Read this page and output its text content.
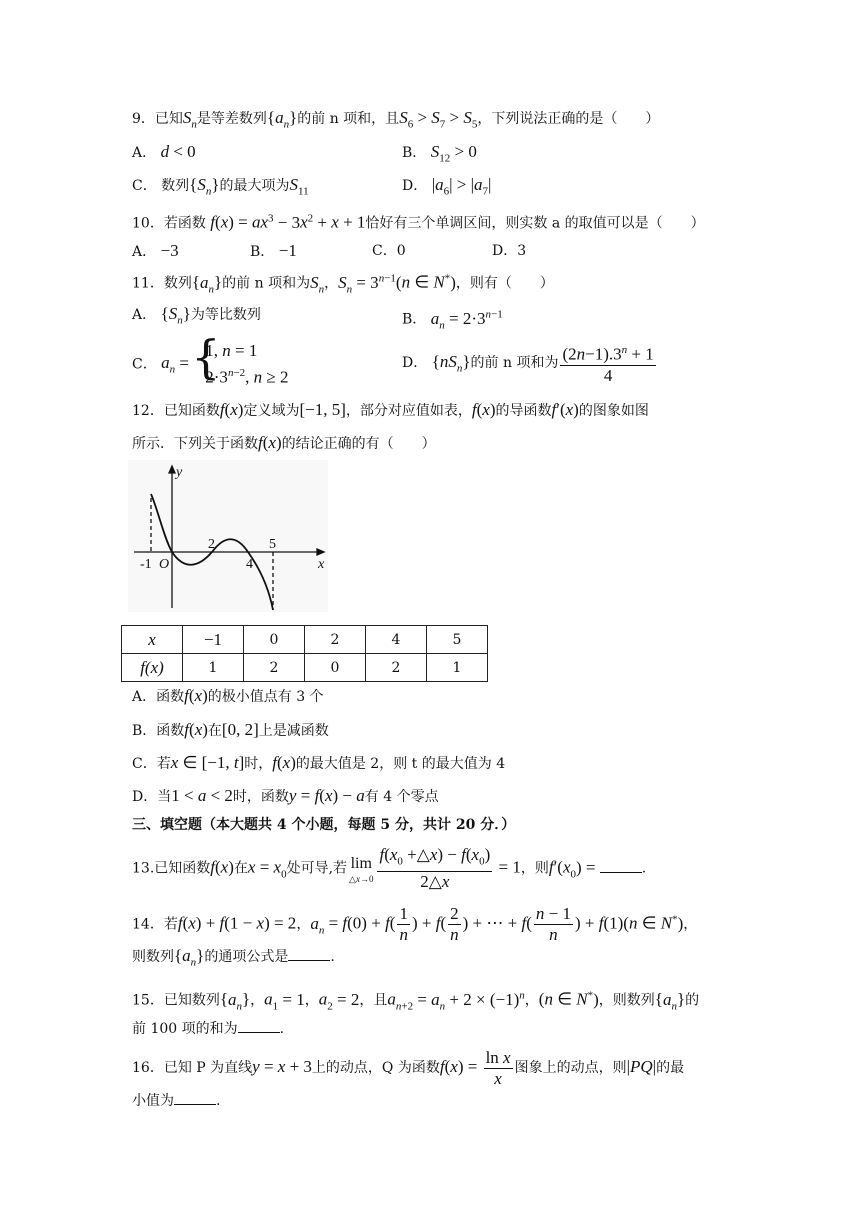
9．已知$S_n$是等差数列$\{a_n\}$的前 n 项和，且$S_6 > S_7 > S_5$，下列说法正确的是（　　）
A． d < 0	B． $S_{12} > 0$
C． 数列$\{S_n\}$的最大项为$S_{11}$	D． $|a_6| > |a_7|$
10．若函数 $f(x) = ax^3 - 3x^2 + x + 1$恰好有三个单调区间，则实数 a 的取值可以是（　　）
A． −3	B． −1	C．0	D．3
11．数列$\{a_n\}$的前 n 项和为$S_n$，$S_n = 3^{n-1}(n$ ∈ N*)，则有（　　）
A． $\{S_n\}$为等比数列	B． $a_n = 2\cdot 3^{n-1}$
C． $a_n$ =
{ 1, n = 1
$2\cdot 3^{n-2}$, n ≥ 2
D． $\{nS_n\}$的前 n 项和为 $\frac{(2n-1).3^n + 1}{4}$
12．已知函数f(x)定义域为[−1, 5]，部分对应值如表，f(x)的导函数f′(x)的图象如图
所示．下列关于函数f(x)的结论正确的有（　　）
y
x
-1 O
2
4
5
x	−1	0	2	4	5
f(x)	1	2	0	2	1
A．函数f(x)的极小值点有 3 个
B．函数f(x)在[0, 2]上是减函数
C．若x ∈ [−1, t]时，f(x)的最大值是 2，则 t 的最大值为 4
D．当1 < a < 2时，函数y = f(x) − a有 4 个零点
三、填空题（本大题共 4 个小题，每题 5 分，共计 20 分．）
13.已知函数f(x)在$x = x_0$处可导,若 lim
△x→0 $\frac{f(x_0 +\triangle x) - f(x_0)}{2\triangle x} = 1$，则$f'(x_0)$ =	.
14．若f(x) + f(1 − x) = 2，$a_n = f(0) + f( \frac{1}{n}$ ) + $f( \frac{2}{n}$ ) + ⋯ + $f( \frac{n - 1}{n}$ ) + f(1)(n ∈ N*)，
则数列$\{a_n\}$的通项公式是	.
15．已知数列$\{a_n\}$，$a_1 = 1$，$a_2 = 2$，且$a_{n+2} = a_n + 2 \times (-1)^n$，(n ∈ N*)，则数列$\{a_n\}$的
前 100 项的和为	.
16．已知 P 为直线y = x + 3上的动点，Q 为函数$f(x) = \frac{\text{ln x}}{x}$ 图象上的动点，则|PQ|的最
小值为	.
